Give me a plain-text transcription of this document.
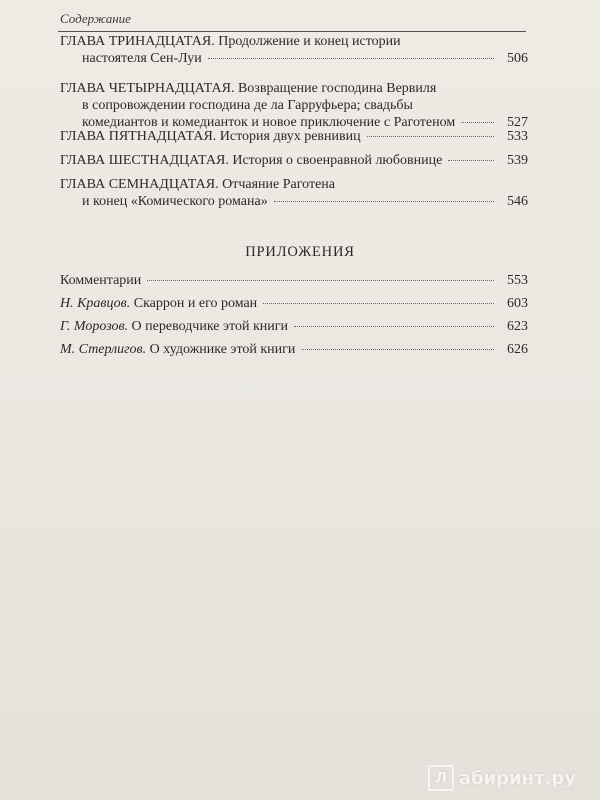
Содержание
ГЛАВА ТРИНАДЦАТАЯ. Продолжение и конец истории
настоятеля Сен-Луи	506
ГЛАВА ЧЕТЫРНАДЦАТАЯ. Возвращение господина Вервиля
в сопровождении господина де ла Гарруфьера; свадьбы
комедиантов и комедианток и новое приключение с Раготеном	527
ГЛАВА ПЯТНАДЦАТАЯ. История двух ревнивиц	533
ГЛАВА ШЕСТНАДЦАТАЯ. История о своенравной любовнице	539
ГЛАВА СЕМНАДЦАТАЯ. Отчаяние Раготена
и конец «Комического романа»	546
ПРИЛОЖЕНИЯ
Комментарии	553
Н. Кравцов. Скаррон и его роман	603
Г. Морозов. О переводчике этой книги	623
М. Стерлигов. О художнике этой книги	626
Л абиринт.ру
